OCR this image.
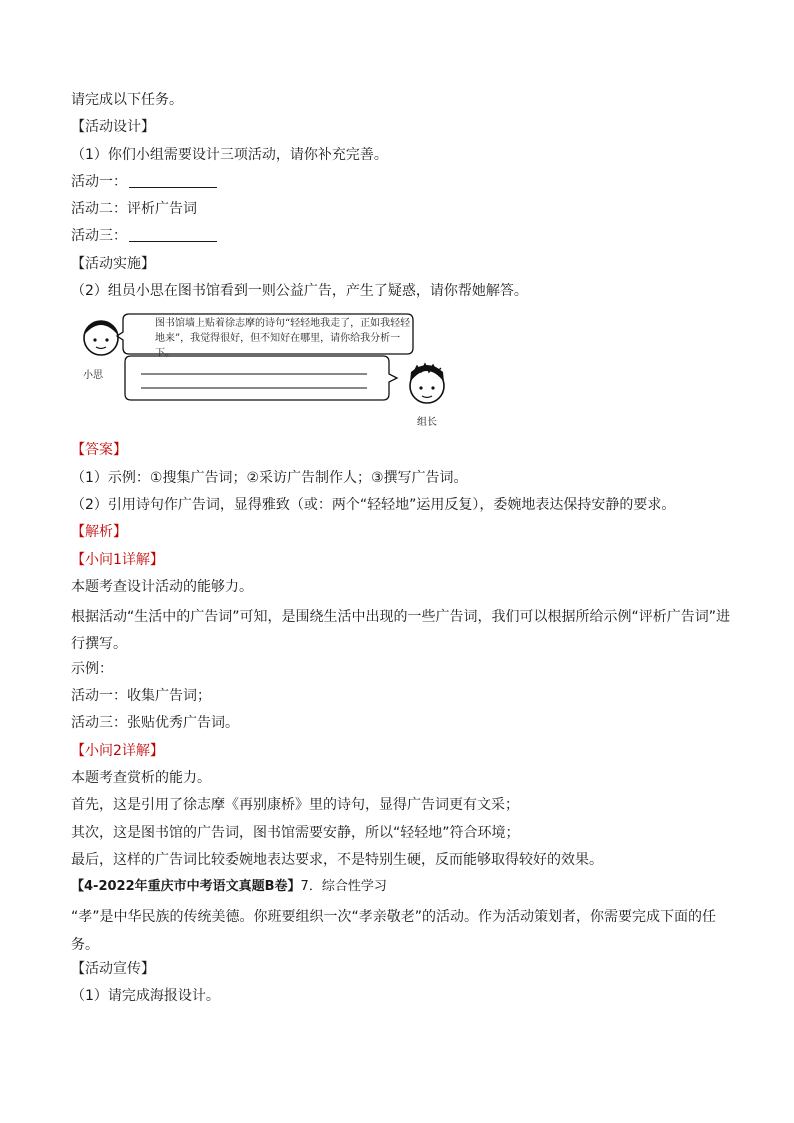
请完成以下任务。
【活动设计】
（1）你们小组需要设计三项活动，请你补充完善。
活动一：
活动二：评析广告词
活动三：
【活动实施】
（2）组员小思在图书馆看到一则公益广告，产生了疑惑，请你帮她解答。
图书馆墙上贴着徐志摩的诗句“轻轻地我走了，正如我轻轻
地来”，我觉得很好，但不知好在哪里，请你给我分析一下。
小思
组长
【答案】
（1）示例：①搜集广告词；②采访广告制作人；③撰写广告词。
（2）引用诗句作广告词，显得雅致（或：两个“轻轻地”运用反复），委婉地表达保持安静的要求。
【解析】
【小问1详解】
本题考查设计活动的能够力。
根据活动“生活中的广告词”可知，是围绕生活中出现的一些广告词，我们可以根据所给示例“评析广告词”进行撰写。
示例：
活动一：收集广告词；
活动三：张贴优秀广告词。
【小问2详解】
本题考查赏析的能力。
首先，这是引用了徐志摩《再别康桥》里的诗句，显得广告词更有文采；
其次，这是图书馆的广告词，图书馆需要安静，所以“轻轻地”符合环境；
最后，这样的广告词比较委婉地表达要求，不是特别生硬，反而能够取得较好的效果。
【4-2022年重庆市中考语文真题B卷】7．综合性学习
“孝”是中华民族的传统美德。你班要组织一次“孝亲敬老”的活动。作为活动策划者，你需要完成下面的任务。
【活动宣传】
（1）请完成海报设计。
